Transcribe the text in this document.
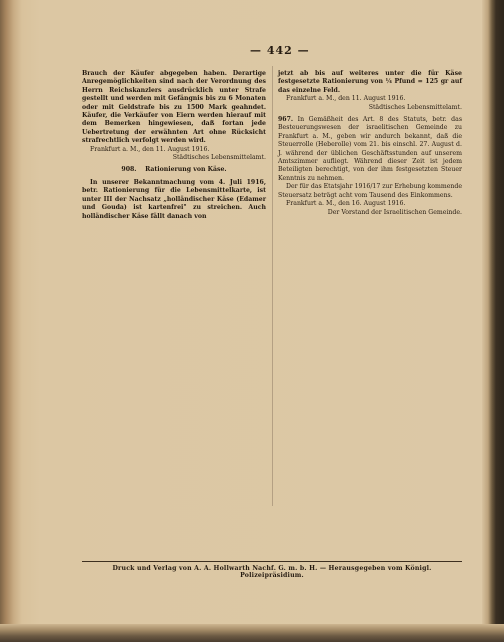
— 442 —

Brauch der Käufer abgegeben haben. Derartige Anregemöglichkeiten sind nach der Verordnung des Herrn Reichskanzlers ausdrücklich unter Strafe gestellt und werden mit Gefängnis bis zu 6 Monaten oder mit Geldstrafe bis zu 1500 Mark geahndet. Käufer, die Verkäufer von Eiern werden hierauf mit dem Bemerken hingewiesen, daß fortan jede Uebertretung der erwähnten Art ohne Rücksicht strafrechtlich verfolgt werden wird.

Frankfurt a. M., den 11. August 1916.

Städtisches Lebensmittelamt.

908. Rationierung von Käse.

In unserer Bekanntmachung vom 4. Juli 1916, betr. Rationierung für die Lebensmittelkarte, ist unter III der Nachsatz „holländischer Käse (Edamer und Gouda) ist kartenfrei" zu streichen. Auch holländischer Käse fällt danach von

jetzt ab bis auf weiteres unter die für Käse festgesetzte Rationierung von ¼ Pfund = 125 gr auf das einzelne Feld.

Frankfurt a. M., den 11. August 1916.

Städtisches Lebensmittelamt.

967. In Gemäßheit des Art. 8 des Statuts, betr. das Besteuerungswesen der israelitischen Gemeinde zu Frankfurt a. M., geben wir andurch bekannt, daß die Steuerrolle (Heberolle) vom 21. bis einschl. 27. August d. J. während der üblichen Geschäftsstunden auf unserem Amtszimmer aufliegt. Während dieser Zeit ist jedem Beteiligten berechtigt, von der ihm festgesetzten Steuer Kenntnis zu nehmen.

Der für das Etatsjahr 1916/17 zur Erhebung kommende Steuersatz beträgt acht vom Tausend des Einkommens.

Frankfurt a. M., den 16. August 1916.

Der Vorstand der Israelitischen Gemeinde.

Druck und Verlag von A. A. Hollwarth Nachf. G. m. b. H. — Herausgegeben vom Königl. Polizeipräsidium.
